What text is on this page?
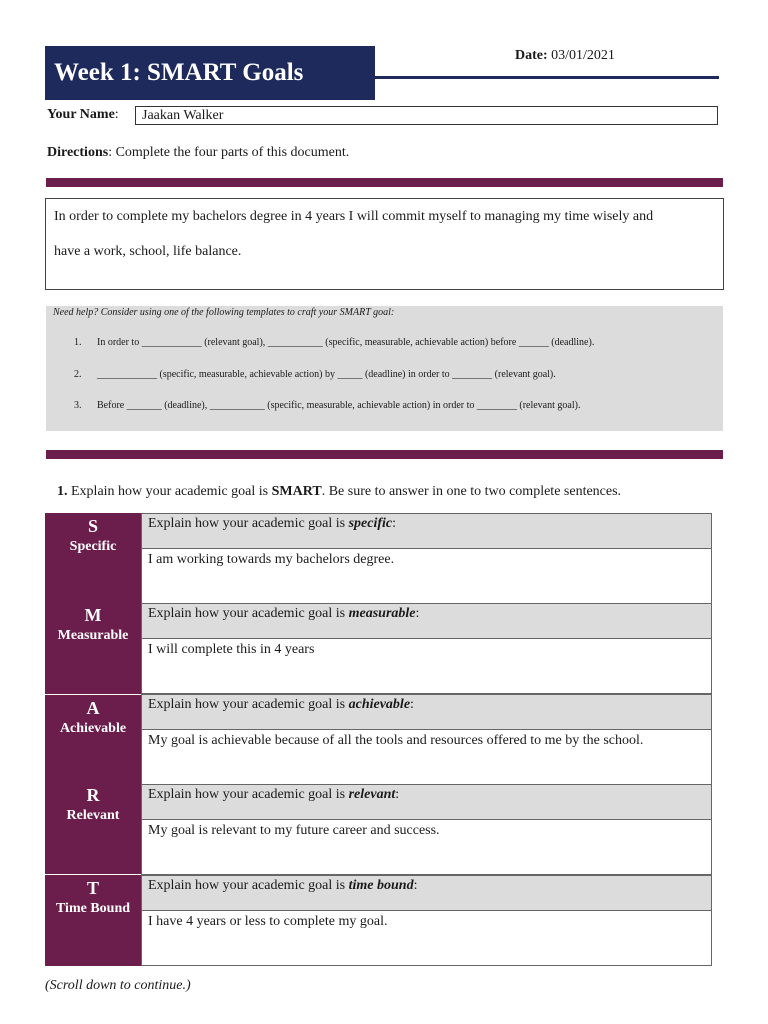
Week 1: SMART Goals
Date: 03/01/2021
Your Name:	Jaakan Walker
Directions: Complete the four parts of this document.
In order to complete my bachelors degree in 4 years I will commit myself to managing my time wisely and
have a work, school, life balance.
Need help? Consider using one of the following templates to craft your SMART goal:
1. In order to ____________ (relevant goal), ___________ (specific, measurable, achievable action) before ______ (deadline).
2. ____________ (specific, measurable, achievable action) by _____ (deadline) in order to ________ (relevant goal).
3. Before _______ (deadline), ___________ (specific, measurable, achievable action) in order to ________ (relevant goal).
1. Explain how your academic goal is SMART. Be sure to answer in one to two complete sentences.
S
Specific
M
Measurable
A
Achievable
R
Relevant
T
Time Bound
Explain how your academic goal is specific:
I am working towards my bachelors degree.
Explain how your academic goal is measurable:
I will complete this in 4 years
Explain how your academic goal is achievable:
My goal is achievable because of all the tools and resources offered to me by the school.
Explain how your academic goal is relevant:
My goal is relevant to my future career and success.
Explain how your academic goal is time bound:
I have 4 years or less to complete my goal.
(Scroll down to continue.)
